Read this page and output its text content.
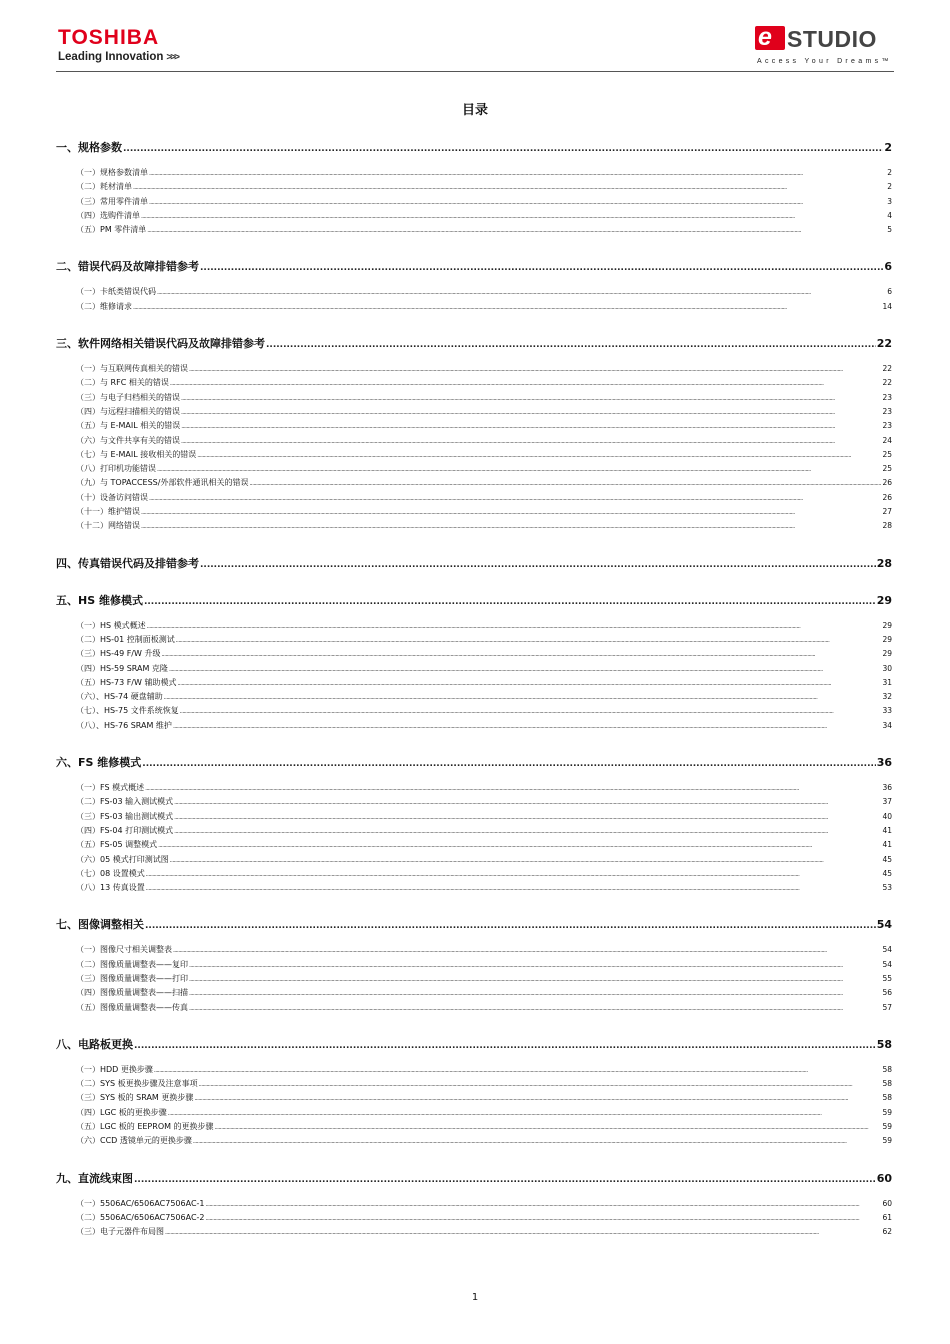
TOSHIBA
Leading Innovation >>>
e STUDIO
Access Your Dreams™
目录
一、规格参数 .....	2
（一）规格参数清单 .....	2
（二）耗材清单 .....	2
（三）常用零件清单 .....	3
（四）选购件清单 .....	4
（五）PM 零件清单 .....	5
二、错误代码及故障排错参考 .....	6
（一）卡纸类错误代码 .....	6
（二）维修请求 .....	14
三、软件网络相关错误代码及故障排错参考 .....	22
（一）与互联网传真相关的错误 .....	22
（二）与 RFC 相关的错误 .....	22
（三）与电子归档相关的错误 .....	23
（四）与远程扫描相关的错误 .....	23
（五）与 E-MAIL 相关的错误 .....	23
（六）与文件共享有关的错误 .....	24
（七）与 E-MAIL 接收相关的错误 .....	25
（八）打印机功能错误 .....	25
（九）与 TOPACCESS/外部软件通讯相关的错误 .....	26
（十）设备访问错误 .....	26
（十一）维护错误 .....	27
（十二）网络错误 .....	28
四、传真错误代码及排错参考 .....	28
五、HS 维修模式 .....	29
（一）HS 模式概述 .....	29
（二）HS-01 控制面板测试 .....	29
（三）HS-49 F/W 升级 .....	29
（四）HS-59 SRAM 克隆 .....	30
（五）HS-73 F/W 辅助模式 .....	31
（六）、HS-74 硬盘辅助 .....	32
（七）、HS-75 文件系统恢复 .....	33
（八）、HS-76 SRAM 维护 .....	34
六、FS 维修模式 .....	36
（一）FS 模式概述 .....	36
（二）FS-03 输入测试模式 .....	37
（三）FS-03 输出测试模式 .....	40
（四）FS-04 打印测试模式 .....	41
（五）FS-05 调整模式 .....	41
（六）05 模式打印测试图 .....	45
（七）08 设置模式 .....	45
（八）13 传真设置 .....	53
七、图像调整相关 .....	54
（一）图像尺寸相关调整表 .....	54
（二）图像质量调整表——复印 .....	54
（三）图像质量调整表——打印 .....	55
（四）图像质量调整表——扫描 .....	56
（五）图像质量调整表——传真 .....	57
八、电路板更换 .....	58
（一）HDD 更换步骤 .....	58
（二）SYS 板更换步骤及注意事项 .....	58
（三）SYS 板的 SRAM 更换步骤 .....	58
（四）LGC 板的更换步骤 .....	59
（五）LGC 板的 EEPROM 的更换步骤 .....	59
（六）CCD 透镜单元的更换步骤 .....	59
九、直流线束图 .....	60
（一）5506AC/6506AC7506AC-1 .....	60
（二）5506AC/6506AC7506AC-2 .....	61
（三）电子元器件布局图 .....	62
1
